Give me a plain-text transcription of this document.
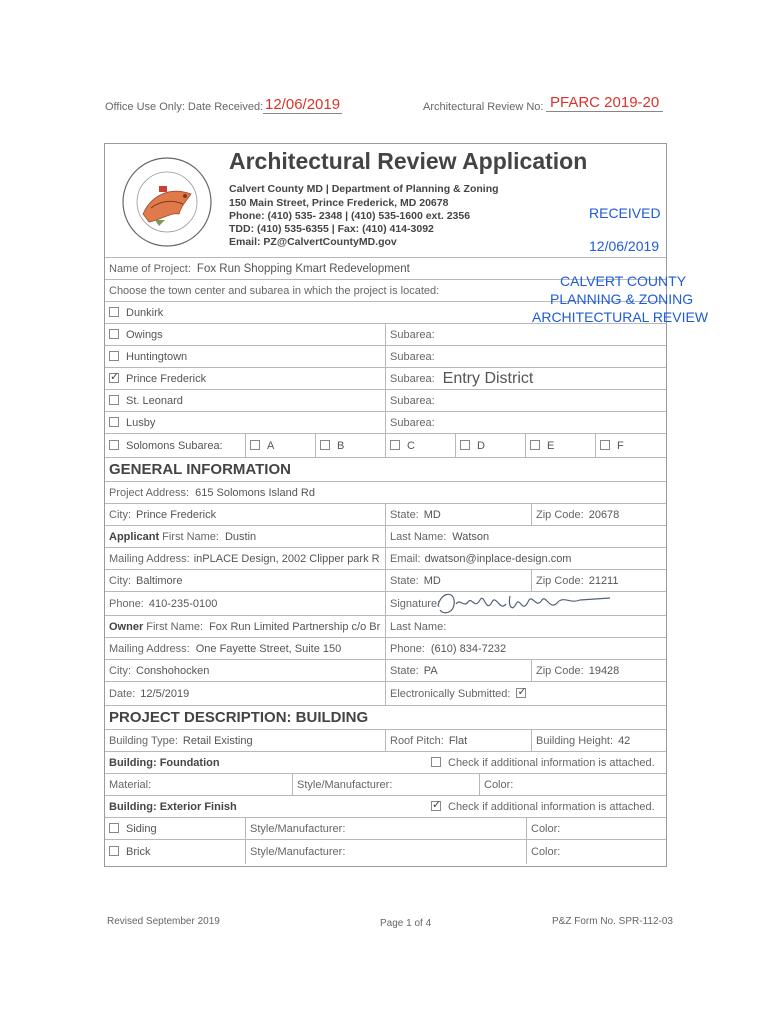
Office Use Only: Date Received: 12/06/2019	Architectural Review No: PFARC 2019-20
Architectural Review Application
Calvert County MD | Department of Planning & Zoning
150 Main Street, Prince Frederick, MD 20678
Phone: (410) 535- 2348 | (410) 535-1600 ext. 2356
TDD: (410) 535-6355 | Fax: (410) 414-3092
Email: PZ@CalvertCountyMD.gov
Name of Project: Fox Run Shopping Kmart Redevelopment
Choose the town center and subarea in which the project is located:
Dunkirk
Owings	Subarea:
Huntingtown	Subarea:
✓
Prince Frederick	Subarea: Entry District
St. Leonard	Subarea:
Lusby	Subarea:
Solomons Subarea:	A	B	C	D	E	F
GENERAL INFORMATION
Project Address: 615 Solomons Island Rd
City: Prince Frederick	State: MD	Zip Code: 20678
Applicant First Name: Dustin	Last Name: Watson
Mailing Address: inPLACE Design, 2002 Clipper park R Email: dwatson@inplace-design.com
City: Baltimore	State: MD	Zip Code: 21211
Phone: 410-235-0100	Signature:
Owner First Name: Fox Run Limited Partnership c/o Br Last Name:
Mailing Address: One Fayette Street, Suite 150	Phone: (610) 834-7232
City: Conshohocken	State: PA	Zip Code: 19428
Date: 12/5/2019	Electronically Submitted:
✓
PROJECT DESCRIPTION: BUILDING
Building Type: Retail Existing	Roof Pitch: Flat	Building Height: 42
Building: Foundation	Check if additional information is attached.
Material:	Style/Manufacturer:	Color:
Building: Exterior Finish
✓	Check if additional information is attached.
Siding	Style/Manufacturer:	Color:
Brick	Style/Manufacturer:	Color:
RECEIVED
12/06/2019
CALVERT COUNTY
PLANNING & ZONING
ARCHITECTURAL REVIEW
Revised September 2019	Page 1 of 4	P&Z Form No. SPR-112-03
